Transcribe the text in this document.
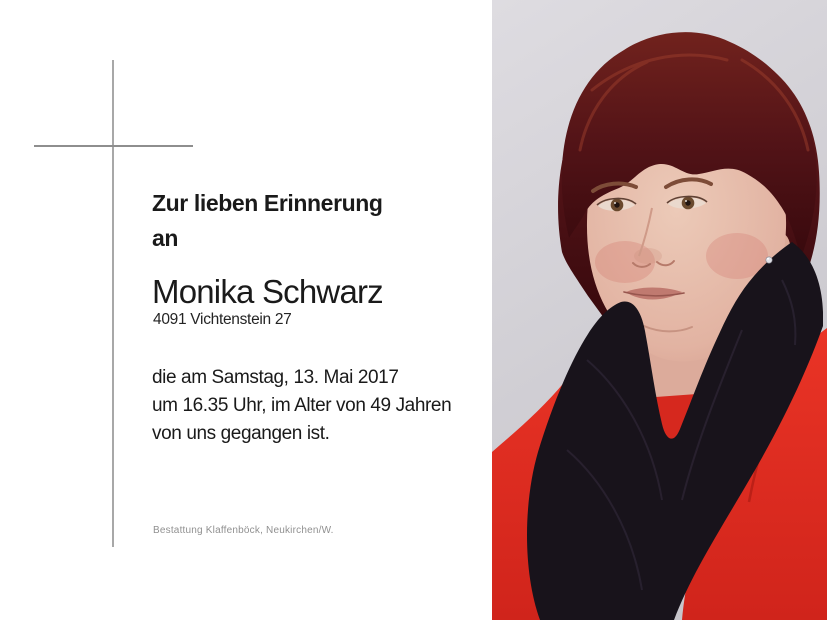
Zur lieben Erinnerung
an
Monika Schwarz
4091 Vichtenstein 27

die am Samstag, 13. Mai 2017
um 16.35 Uhr, im Alter von 49 Jahren
von uns gegangen ist.

Bestattung Klaffenböck, Neukirchen/W.
